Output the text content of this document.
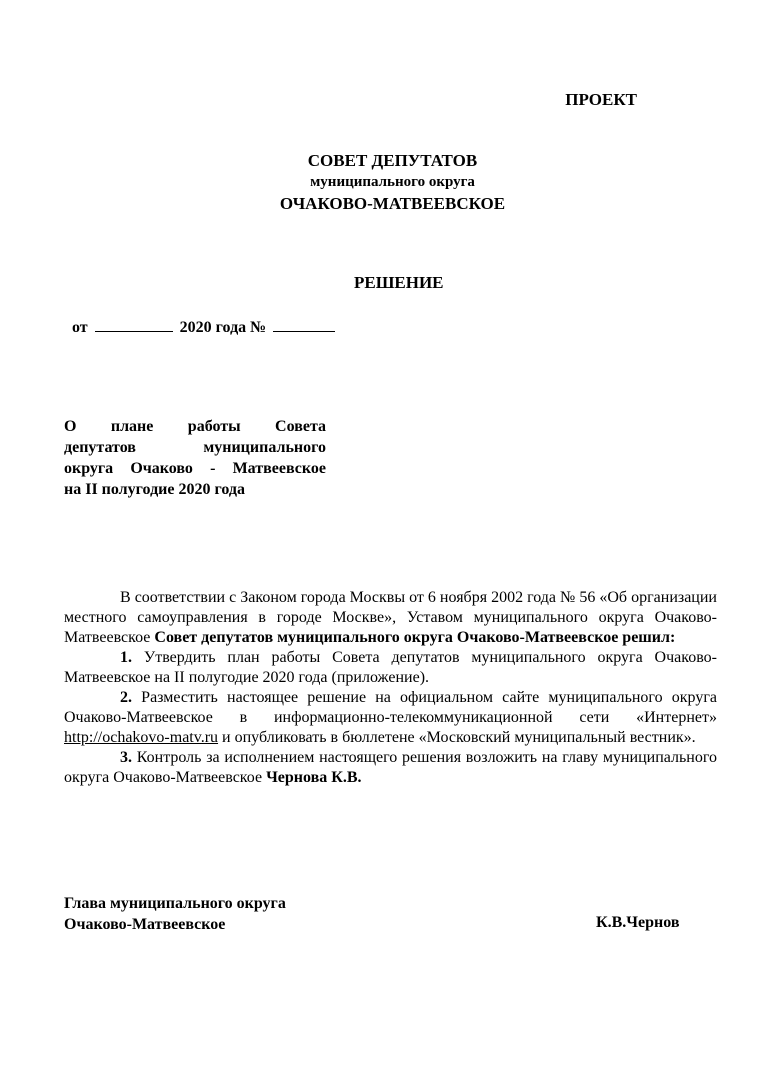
ПРОЕКТ
СОВЕТ ДЕПУТАТОВ
муниципального округа
ОЧАКОВО-МАТВЕЕВСКОЕ
РЕШЕНИЕ
от	2020 года №
О плане работы Совета
депутатов муниципального
округа Очаково - Матвеевское
на II полугодие 2020 года

В соответствии с Законом города Москвы от 6 ноября 2002 года № 56 «Об организации местного самоуправления в городе Москве», Уставом муниципального округа Очаково-Матвеевское Совет депутатов муниципального округа Очаково-Матвеевское решил:

1. Утвердить план работы Совета депутатов муниципального округа Очаково-Матвеевское на II полугодие 2020 года (приложение).

2. Разместить настоящее решение на официальном сайте муниципального округа Очаково-Матвеевское в информационно-телекоммуникационной сети «Интернет» http://ochakovo-matv.ru и опубликовать в бюллетене «Московский муниципальный вестник».

3. Контроль за исполнением настоящего решения возложить на главу муниципального округа Очаково-Матвеевское Чернова К.В.

Глава муниципального округа
Очаково-Матвеевское	К.В.Чернов
